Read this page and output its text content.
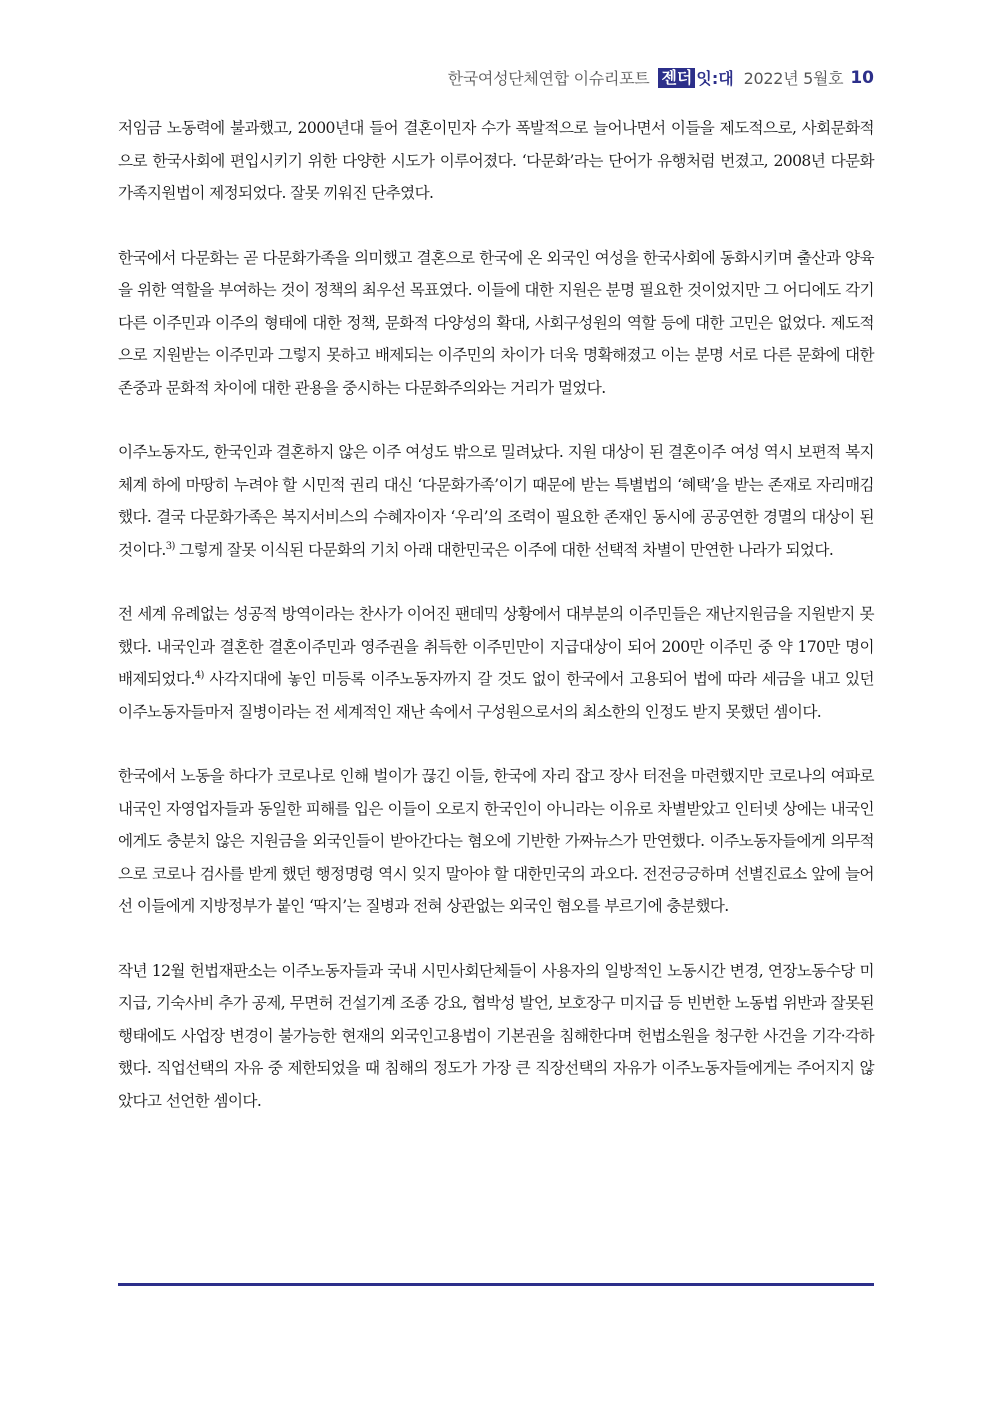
한국여성단체연합 이슈리포트 젠더 잇:대 2022년 5월호 10

저임금 노동력에 불과했고, 2000년대 들어 결혼이민자 수가 폭발적으로 늘어나면서 이들을 제도적으로, 사회문화적으로 한국사회에 편입시키기 위한 다양한 시도가 이루어졌다. ‘다문화’라는 단어가 유행처럼 번졌고, 2008년 다문화가족지원법이 제정되었다. 잘못 끼워진 단추였다.

한국에서 다문화는 곧 다문화가족을 의미했고 결혼으로 한국에 온 외국인 여성을 한국사회에 동화시키며 출산과 양육을 위한 역할을 부여하는 것이 정책의 최우선 목표였다. 이들에 대한 지원은 분명 필요한 것이었지만 그 어디에도 각기 다른 이주민과 이주의 형태에 대한 정책, 문화적 다양성의 확대, 사회구성원의 역할 등에 대한 고민은 없었다. 제도적으로 지원받는 이주민과 그렇지 못하고 배제되는 이주민의 차이가 더욱 명확해졌고 이는 분명 서로 다른 문화에 대한 존중과 문화적 차이에 대한 관용을 중시하는 다문화주의와는 거리가 멀었다.

이주노동자도, 한국인과 결혼하지 않은 이주 여성도 밖으로 밀려났다. 지원 대상이 된 결혼이주 여성 역시 보편적 복지체계 하에 마땅히 누려야 할 시민적 권리 대신 ‘다문화가족’이기 때문에 받는 특별법의 ‘혜택’을 받는 존재로 자리매김했다. 결국 다문화가족은 복지서비스의 수혜자이자 ‘우리’의 조력이 필요한 존재인 동시에 공공연한 경멸의 대상이 된 것이다.$^{3)}$ 그렇게 잘못 이식된 다문화의 기치 아래 대한민국은 이주에 대한 선택적 차별이 만연한 나라가 되었다.

전 세계 유례없는 성공적 방역이라는 찬사가 이어진 팬데믹 상황에서 대부분의 이주민들은 재난지원금을 지원받지 못했다. 내국인과 결혼한 결혼이주민과 영주권을 취득한 이주민만이 지급대상이 되어 200만 이주민 중 약 170만 명이 배제되었다.$^{4)}$ 사각지대에 놓인 미등록 이주노동자까지 갈 것도 없이 한국에서 고용되어 법에 따라 세금을 내고 있던 이주노동자들마저 질병이라는 전 세계적인 재난 속에서 구성원으로서의 최소한의 인정도 받지 못했던 셈이다.

한국에서 노동을 하다가 코로나로 인해 벌이가 끊긴 이들, 한국에 자리 잡고 장사 터전을 마련했지만 코로나의 여파로 내국인 자영업자들과 동일한 피해를 입은 이들이 오로지 한국인이 아니라는 이유로 차별받았고 인터넷 상에는 내국인에게도 충분치 않은 지원금을 외국인들이 받아간다는 혐오에 기반한 가짜뉴스가 만연했다. 이주노동자들에게 의무적으로 코로나 검사를 받게 했던 행정명령 역시 잊지 말아야 할 대한민국의 과오다. 전전긍긍하며 선별진료소 앞에 늘어선 이들에게 지방정부가 붙인 ‘딱지’는 질병과 전혀 상관없는 외국인 혐오를 부르기에 충분했다.

작년 12월 헌법재판소는 이주노동자들과 국내 시민사회단체들이 사용자의 일방적인 노동시간 변경, 연장노동수당 미지급, 기숙사비 추가 공제, 무면허 건설기계 조종 강요, 협박성 발언, 보호장구 미지급 등 빈번한 노동법 위반과 잘못된 행태에도 사업장 변경이 불가능한 현재의 외국인고용법이 기본권을 침해한다며 헌법소원을 청구한 사건을 기각·각하했다. 직업선택의 자유 중 제한되었을 때 침해의 정도가 가장 큰 직장선택의 자유가 이주노동자들에게는 주어지지 않았다고 선언한 셈이다.
